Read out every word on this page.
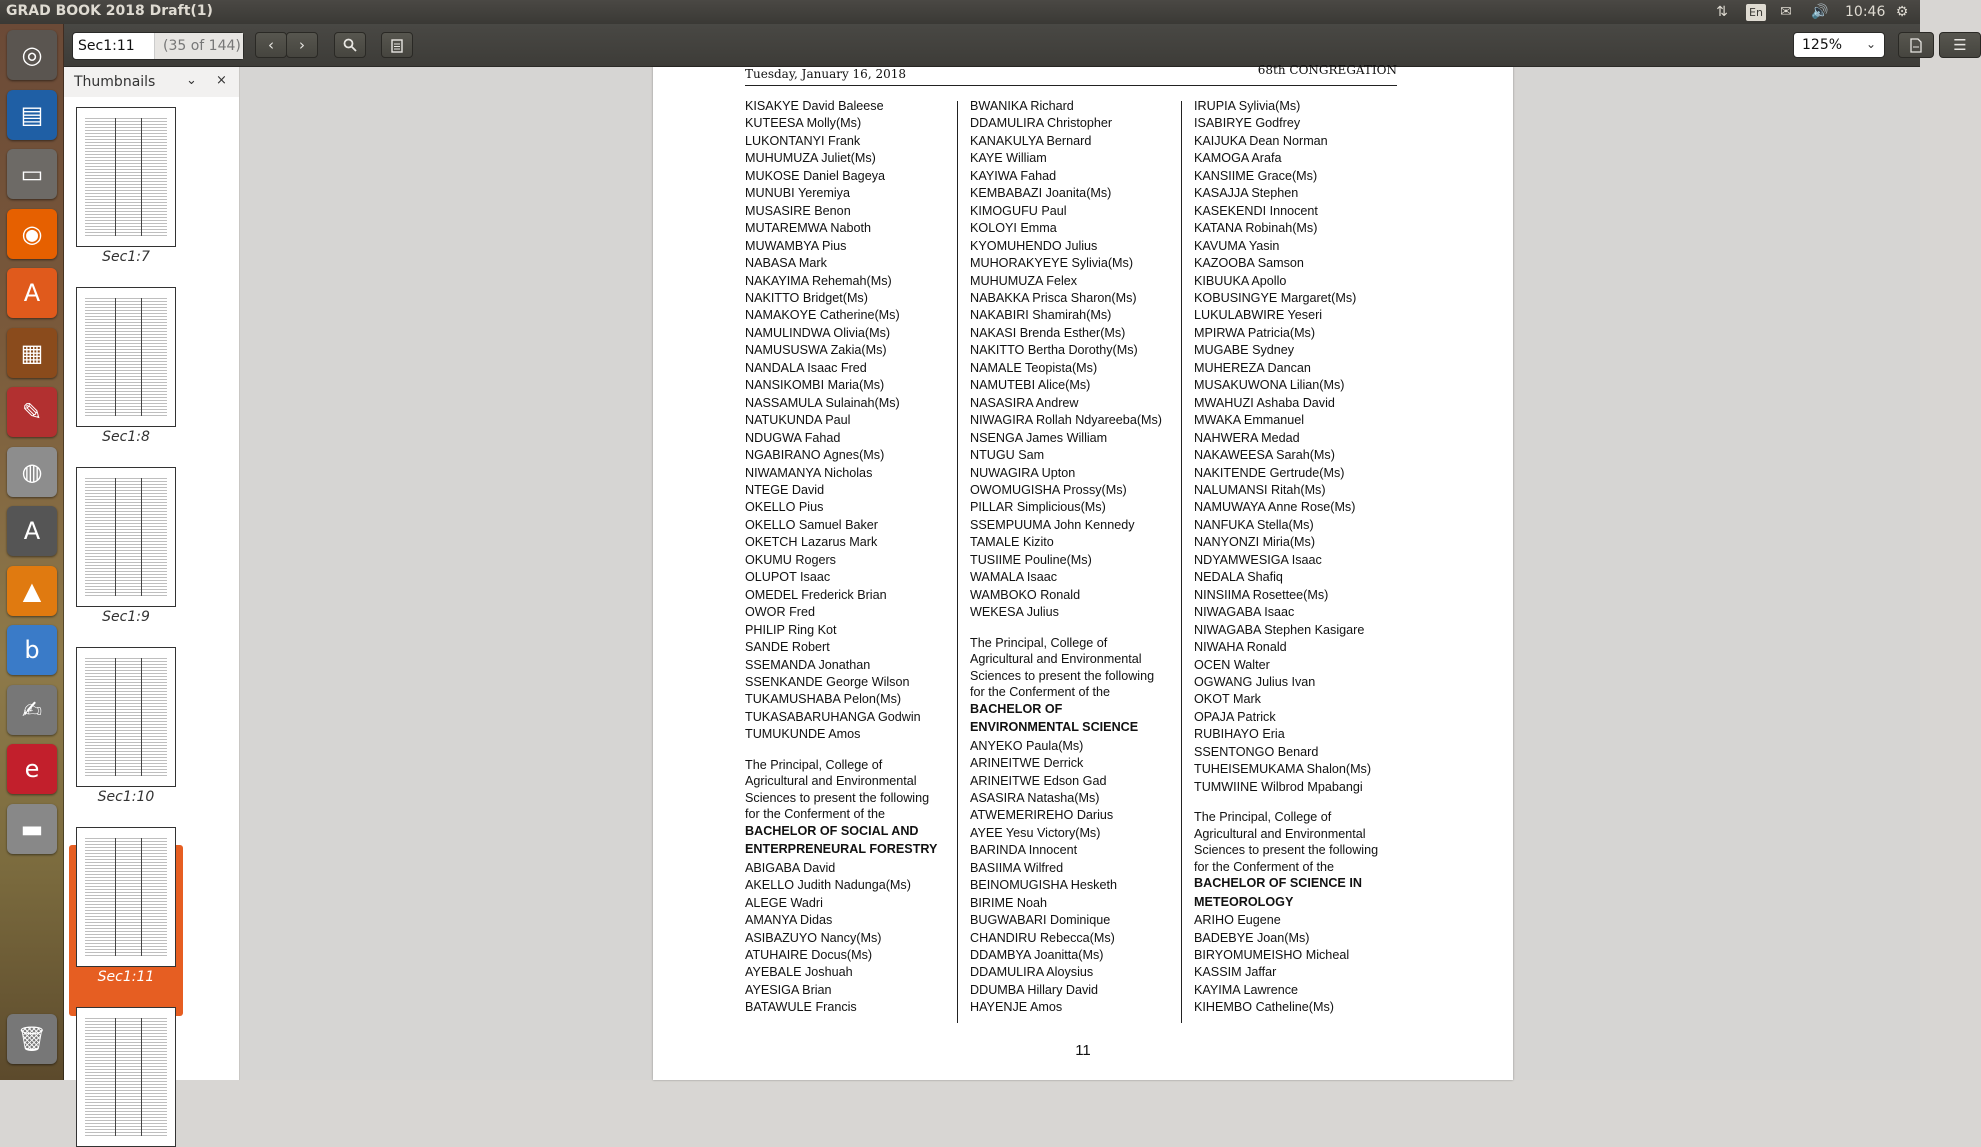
GRAD BOOK 2018 Draft(1)	⇅	En ✉ 🔊 10:46 ⚙
◎
▤
▭
◉
A
▦
✎
◍
A
▲
b
✍
e
▬
🗑
Sec1:11	(35 of 144) ‹ ›	125% ⌄	☰
Thumbnails ⌄ ×
Sec1:7
Sec1:8
Sec1:9
Sec1:10
Sec1:11
Tuesday, January 16, 2018	68th CONGREGATION
KISAKYE David Baleese
KUTEESA Molly(Ms)
LUKONTANYI Frank
MUHUMUZA Juliet(Ms)
MUKOSE Daniel Bageya
MUNUBI Yeremiya
MUSASIRE Benon
MUTAREMWA Naboth
MUWAMBYA Pius
NABASA Mark
NAKAYIMA Rehemah(Ms)
NAKITTO Bridget(Ms)
NAMAKOYE Catherine(Ms)
NAMULINDWA Olivia(Ms)
NAMUSUSWA Zakia(Ms)
NANDALA Isaac Fred
NANSIKOMBI Maria(Ms)
NASSAMULA Sulainah(Ms)
NATUKUNDA Paul
NDUGWA Fahad
NGABIRANO Agnes(Ms)
NIWAMANYA Nicholas
NTEGE David
OKELLO Pius
OKELLO Samuel Baker
OKETCH Lazarus Mark
OKUMU Rogers
OLUPOT Isaac
OMEDEL Frederick Brian
OWOR Fred
PHILIP Ring Kot
SANDE Robert
SSEMANDA Jonathan
SSENKANDE George Wilson
TUKAMUSHABA Pelon(Ms)
TUKASABARUHANGA Godwin
TUMUKUNDE Amos
The Principal, College of
Agricultural and Environmental
Sciences to present the following
for the Conferment of the
BACHELOR OF SOCIAL AND
ENTERPRENEURAL FORESTRY
ABIGABA David
AKELLO Judith Nadunga(Ms)
ALEGE Wadri
AMANYA Didas
ASIBAZUYO Nancy(Ms)
ATUHAIRE Docus(Ms)
AYEBALE Joshuah
AYESIGA Brian
BATAWULE Francis
BWANIKA Richard
DDAMULIRA Christopher
KANAKULYA Bernard
KAYE William
KAYIWA Fahad
KEMBABAZI Joanita(Ms)
KIMOGUFU Paul
KOLOYI Emma
KYOMUHENDO Julius
MUHORAKYEYE Sylivia(Ms)
MUHUMUZA Felex
NABAKKA Prisca Sharon(Ms)
NAKABIRI Shamirah(Ms)
NAKASI Brenda Esther(Ms)
NAKITTO Bertha Dorothy(Ms)
NAMALE Teopista(Ms)
NAMUTEBI Alice(Ms)
NASASIRA Andrew
NIWAGIRA Rollah Ndyareeba(Ms)
NSENGA James William
NTUGU Sam
NUWAGIRA Upton
OWOMUGISHA Prossy(Ms)
PILLAR Simplicious(Ms)
SSEMPUUMA John Kennedy
TAMALE Kizito
TUSIIME Pouline(Ms)
WAMALA Isaac
WAMBOKO Ronald
WEKESA Julius
The Principal, College of
Agricultural and Environmental
Sciences to present the following
for the Conferment of the
BACHELOR OF
ENVIRONMENTAL SCIENCE
ANYEKO Paula(Ms)
ARINEITWE Derrick
ARINEITWE Edson Gad
ASASIRA Natasha(Ms)
ATWEMERIREHO Darius
AYEE Yesu Victory(Ms)
BARINDA Innocent
BASIIMA Wilfred
BEINOMUGISHA Hesketh
BIRIME Noah
BUGWABARI Dominique
CHANDIRU Rebecca(Ms)
DDAMBYA Joanitta(Ms)
DDAMULIRA Aloysius
DDUMBA Hillary David
HAYENJE Amos
IRUPIA Sylivia(Ms)
ISABIRYE Godfrey
KAIJUKA Dean Norman
KAMOGA Arafa
KANSIIME Grace(Ms)
KASAJJA Stephen
KASEKENDI Innocent
KATANA Robinah(Ms)
KAVUMA Yasin
KAZOOBA Samson
KIBUUKA Apollo
KOBUSINGYE Margaret(Ms)
LUKULABWIRE Yeseri
MPIRWA Patricia(Ms)
MUGABE Sydney
MUHEREZA Dancan
MUSAKUWONA Lilian(Ms)
MWAHUZI Ashaba David
MWAKA Emmanuel
NAHWERA Medad
NAKAWEESA Sarah(Ms)
NAKITENDE Gertrude(Ms)
NALUMANSI Ritah(Ms)
NAMUWAYA Anne Rose(Ms)
NANFUKA Stella(Ms)
NANYONZI Miria(Ms)
NDYAMWESIGA Isaac
NEDALA Shafiq
NINSIIMA Rosettee(Ms)
NIWAGABA Isaac
NIWAGABA Stephen Kasigare
NIWAHA Ronald
OCEN Walter
OGWANG Julius Ivan
OKOT Mark
OPAJA Patrick
RUBIHAYO Eria
SSENTONGO Benard
TUHEISEMUKAMA Shalon(Ms)
TUMWIINE Wilbrod Mpabangi
The Principal, College of
Agricultural and Environmental
Sciences to present the following
for the Conferment of the
BACHELOR OF SCIENCE IN
METEOROLOGY
ARIHO Eugene
BADEBYE Joan(Ms)
BIRYOMUMEISHO Micheal
KASSIM Jaffar
KAYIMA Lawrence
KIHEMBO Catheline(Ms)
11
